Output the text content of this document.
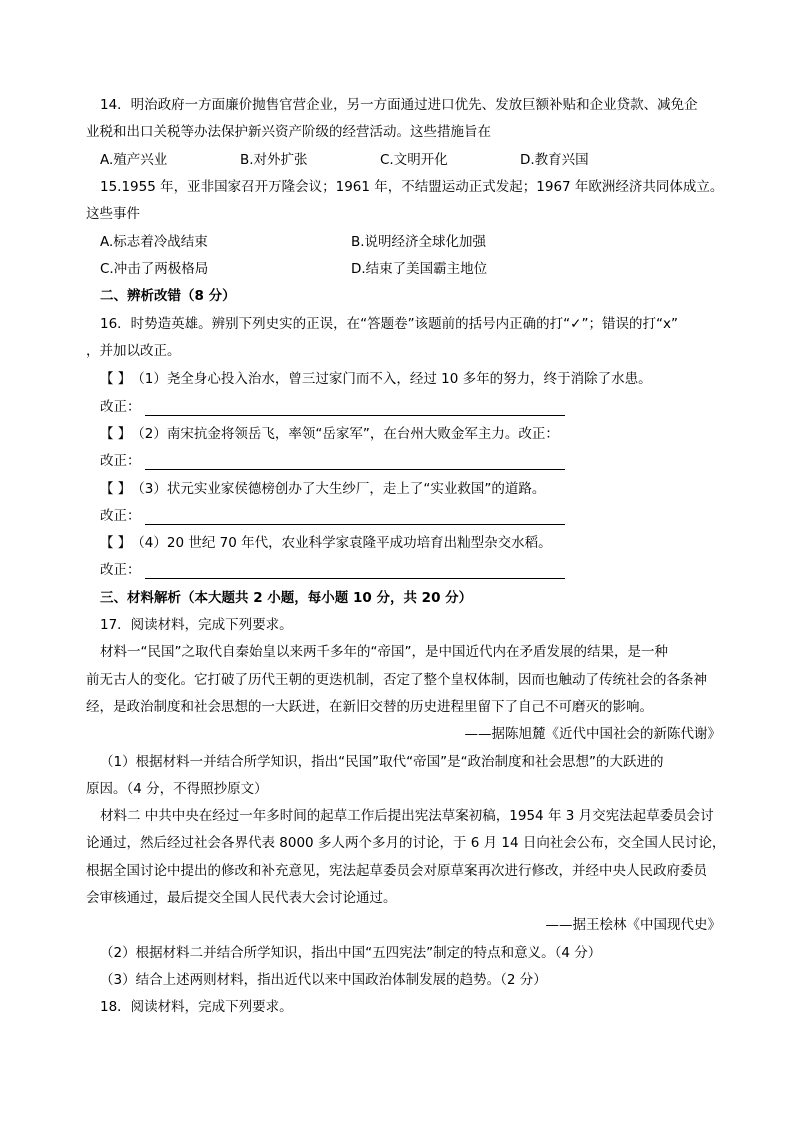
14．明治政府一方面廉价抛售官营企业，另一方面通过进口优先、发放巨额补贴和企业贷款、减免企
业税和出口关税等办法保护新兴资产阶级的经营活动。这些措施旨在
A.殖产兴业	B.对外扩张	C.文明开化	D.教育兴国
15.1955 年，亚非国家召开万隆会议；1961 年，不结盟运动正式发起；1967 年欧洲经济共同体成立。
这些事件
A.标志着冷战结束	B.说明经济全球化加强
C.冲击了两极格局	D.结束了美国霸主地位
二、辨析改错（8 分）
16．时势造英雄。辨别下列史实的正误，在“答题卷”该题前的括号内正确的打“✓”；错误的打“x”
，并加以改正。
【 】（1）尧全身心投入治水，曾三过家门而不入，经过 10 多年的努力，终于消除了水患。
改正：
【 】（2）南宋抗金将领岳飞，率领“岳家军”，在台州大败金军主力。改正：
改正：
【 】（3）状元实业家侯德榜创办了大生纱厂，走上了“实业救国”的道路。
改正：
【 】（4）20 世纪 70 年代，农业科学家袁隆平成功培育出籼型杂交水稻。
改正：
三、材料解析（本大题共 2 小题，每小题 10 分，共 20 分）
17．阅读材料，完成下列要求。
材料一“民国”之取代自秦始皇以来两千多年的“帝国”，是中国近代内在矛盾发展的结果，是一种
前无古人的变化。它打破了历代王朝的更迭机制，否定了整个皇权体制，因而也触动了传统社会的各条神
经，是政治制度和社会思想的一大跃进，在新旧交替的历史进程里留下了自己不可磨灭的影响。
——据陈旭麓《近代中国社会的新陈代谢》
（1）根据材料一并结合所学知识，指出“民国”取代“帝国”是“政治制度和社会思想”的大跃进的
原因。（4 分，不得照抄原文）
材料二 中共中央在经过一年多时间的起草工作后提出宪法草案初稿，1954 年 3 月交宪法起草委员会讨
论通过，然后经过社会各界代表 8000 多人两个多月的讨论，于 6 月 14 日向社会公布，交全国人民讨论，
根据全国讨论中提出的修改和补充意见，宪法起草委员会对原草案再次进行修改，并经中央人民政府委员
会审核通过，最后提交全国人民代表大会讨论通过。
——据王桧林《中国现代史》
（2）根据材料二并结合所学知识，指出中国“五四宪法”制定的特点和意义。（4 分）
（3）结合上述两则材料，指出近代以来中国政治体制发展的趋势。（2 分）
18．阅读材料，完成下列要求。
